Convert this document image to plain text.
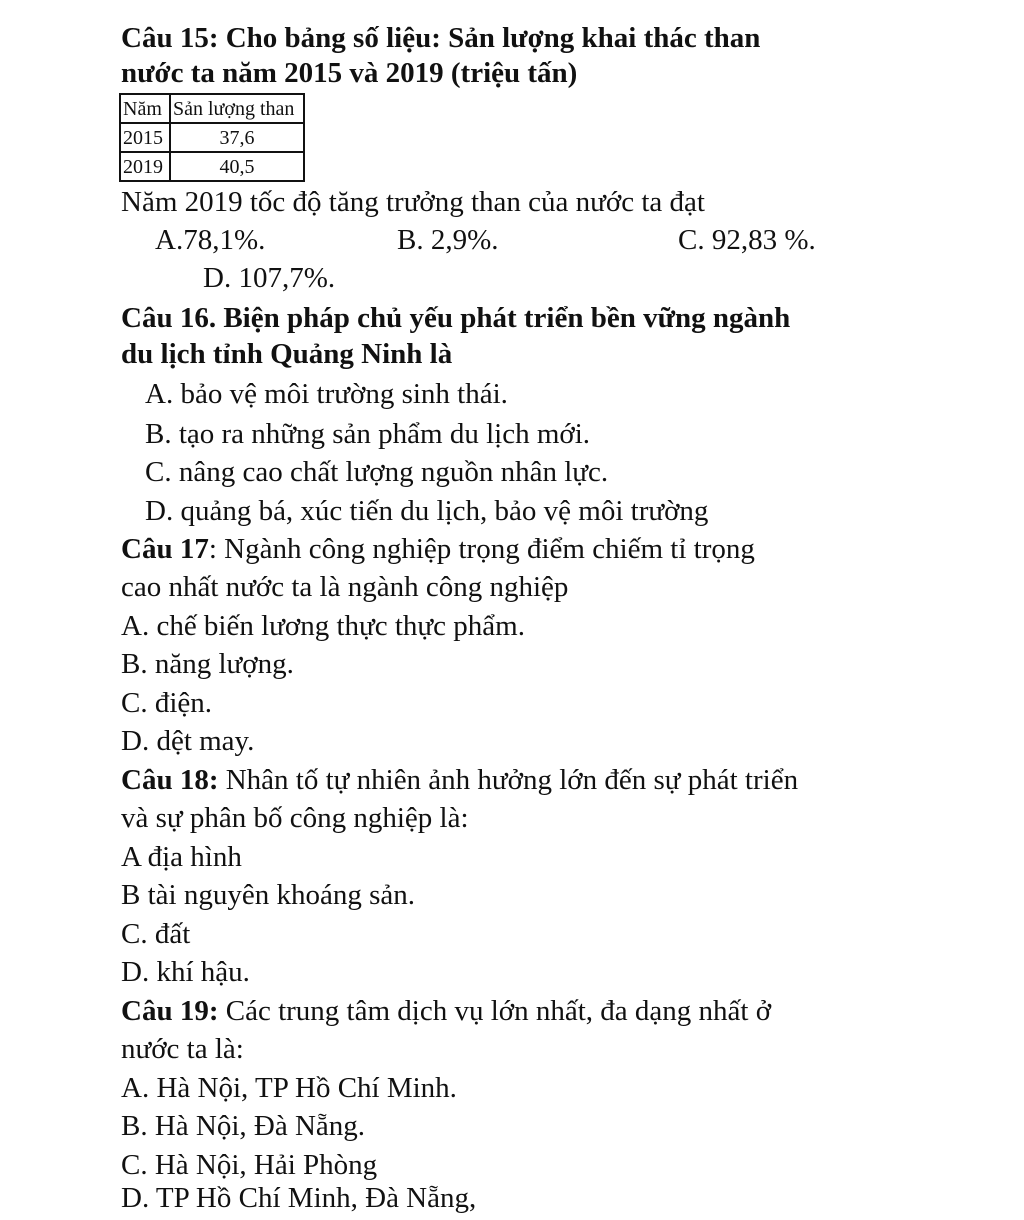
Câu 15: Cho bảng số liệu: Sản lượng khai thác than
nước ta năm 2015 và 2019 (triệu tấn)
Năm	Sản lượng than
2015	37,6
2019	40,5
Năm 2019 tốc độ tăng trưởng than của nước ta đạt
A.78,1%.	B. 2,9%.	C. 92,83 %.
D. 107,7%.
Câu 16. Biện pháp chủ yếu phát triển bền vững ngành
du lịch tỉnh Quảng Ninh là
A. bảo vệ môi trường sinh thái.
B. tạo ra những sản phẩm du lịch mới.
C. nâng cao chất lượng nguồn nhân lực.
D. quảng bá, xúc tiến du lịch, bảo vệ môi trường
Câu 17: Ngành công nghiệp trọng điểm chiếm tỉ trọng
cao nhất nước ta là ngành công nghiệp
A. chế biến lương thực thực phẩm.
B. năng lượng.
C. điện.
D. dệt may.
Câu 18: Nhân tố tự nhiên ảnh hưởng lớn đến sự phát triển
và sự phân bố công nghiệp là:
A địa hình
B tài nguyên khoáng sản.
C. đất
D. khí hậu.
Câu 19: Các trung tâm dịch vụ lớn nhất, đa dạng nhất ở
nước ta là:
A. Hà Nội, TP Hồ Chí Minh.
B. Hà Nội, Đà Nẵng.
C. Hà Nội, Hải Phòng
D. TP Hồ Chí Minh, Đà Nẵng,
